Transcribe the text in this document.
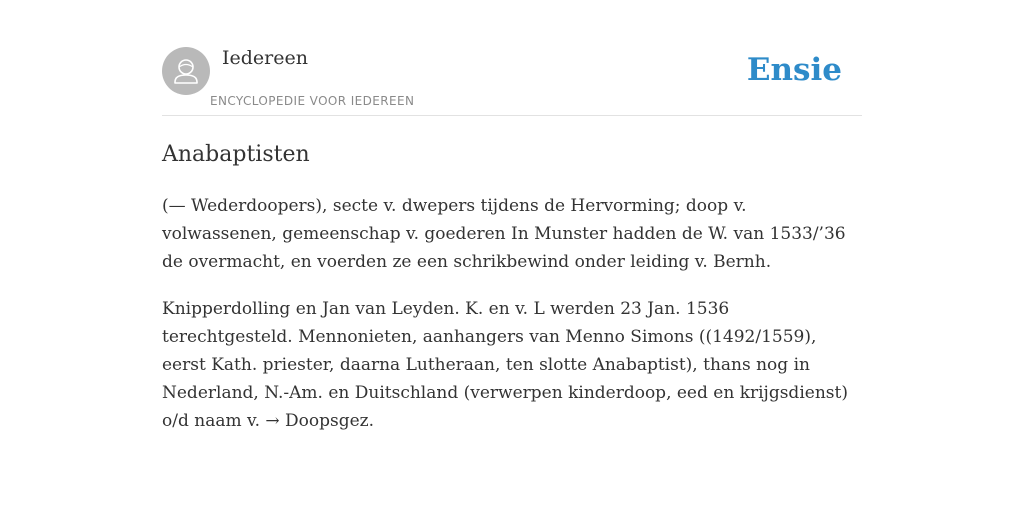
Iedereen
ENCYCLOPEDIE VOOR IEDEREEN
Ensie
Anabaptisten

(— Wederdoopers), secte v. dwepers tijdens de Hervorming; doop v. volwassenen, gemeenschap v. goederen In Munster hadden de W. van 1533/’36 de overmacht, en voerden ze een schrikbewind onder leiding v. Bernh.

Knipperdolling en Jan van Leyden. K. en v. L werden 23 Jan. 1536 terechtgesteld. Mennonieten, aanhangers van Menno Simons ((1492/1559), eerst Kath. priester, daarna Lutheraan, ten slotte Anabaptist), thans nog in Nederland, N.-Am. en Duitschland (verwerpen kinderdoop, eed en krijgsdienst) o/d naam v. → Doopsgez.
